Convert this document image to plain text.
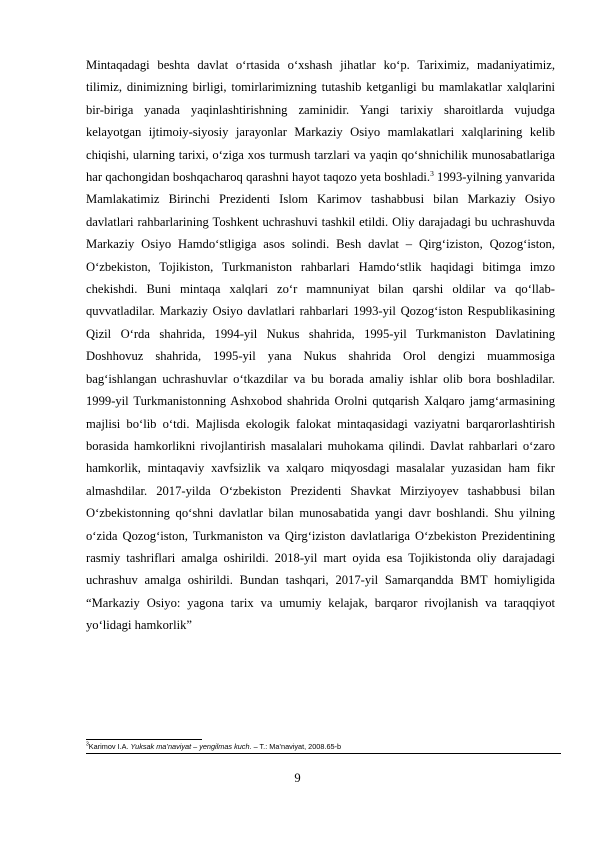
Mintaqadagi beshta davlat o‘rtasida o‘xshash jihatlar ko‘p. Tariximiz, madaniyatimiz, tilimiz, dinimizning birligi, tomirlarimizning tutashib ketganligi bu mamlakatlar xalqlarini bir-biriga yanada yaqinlashtirishning zaminidir. Yangi tarixiy sharoitlarda vujudga kelayotgan ijtimoiy-siyosiy jarayonlar Markaziy Osiyo mamlakatlari xalqlarining kelib chiqishi, ularning tarixi, o‘ziga xos turmush tarzlari va yaqin qo‘shnichilik munosabatlariga har qachongidan boshqacharoq qarashni hayot taqozo yeta boshladi.$^3$ 1993-yilning yanvarida Mamlakatimiz Birinchi Prezidenti Islom Karimov tashabbusi bilan Markaziy Osiyo davlatlari rahbarlarining Toshkent uchrashuvi tashkil etildi. Oliy darajadagi bu uchrashuvda Markaziy Osiyo Hamdo‘stligiga asos solindi. Besh davlat – Qirg‘iziston, Qozog‘iston, O‘zbekiston, Tojikiston, Turkmaniston rahbarlari Hamdo‘stlik haqidagi bitimga imzo chekishdi. Buni mintaqa xalqlari zo‘r mamnuniyat bilan qarshi oldilar va qo‘llab-quvvatladilar. Markaziy Osiyo davlatlari rahbarlari 1993-yil Qozog‘iston Respublikasining Qizil O‘rda shahrida, 1994-yil Nukus shahrida, 1995-yil Turkmaniston Davlatining Doshhovuz shahrida, 1995-yil yana Nukus shahrida Orol dengizi muammosiga bag‘ishlangan uchrashuvlar o‘tkazdilar va bu borada amaliy ishlar olib bora boshladilar. 1999-yil Turkmanistonning Ashxobod shahrida Orolni qutqarish Xalqaro jamg‘armasining majlisi bo‘lib o‘tdi. Majlisda ekologik falokat mintaqasidagi vaziyatni barqarorlashtirish borasida hamkorlikni rivojlantirish masalalari muhokama qilindi. Davlat rahbarlari o‘zaro hamkorlik, mintaqaviy xavfsizlik va xalqaro miqyosdagi masalalar yuzasidan ham fikr almashdilar. 2017-yilda O‘zbekiston Prezidenti Shavkat Mirziyoyev tashabbusi bilan O‘zbekistonning qo‘shni davlatlar bilan munosabatida yangi davr boshlandi. Shu yilning o‘zida Qozog‘iston, Turkmaniston va Qirg‘iziston davlatlariga O‘zbekiston Prezidentining rasmiy tashriflari amalga oshirildi. 2018-yil mart oyida esa Tojikistonda oliy darajadagi uchrashuv amalga oshirildi. Bundan tashqari, 2017-yil Samarqandda BMT homiyligida “Markaziy Osiyo: yagona tarix va umumiy kelajak, barqaror rivojlanish va taraqqiyot yo‘lidagi hamkorlik”

$^3$Karimov I.A. Yuksak ma’naviyat – yengilmas kuch. – T.: Ma’naviyat, 2008.65-b

9
